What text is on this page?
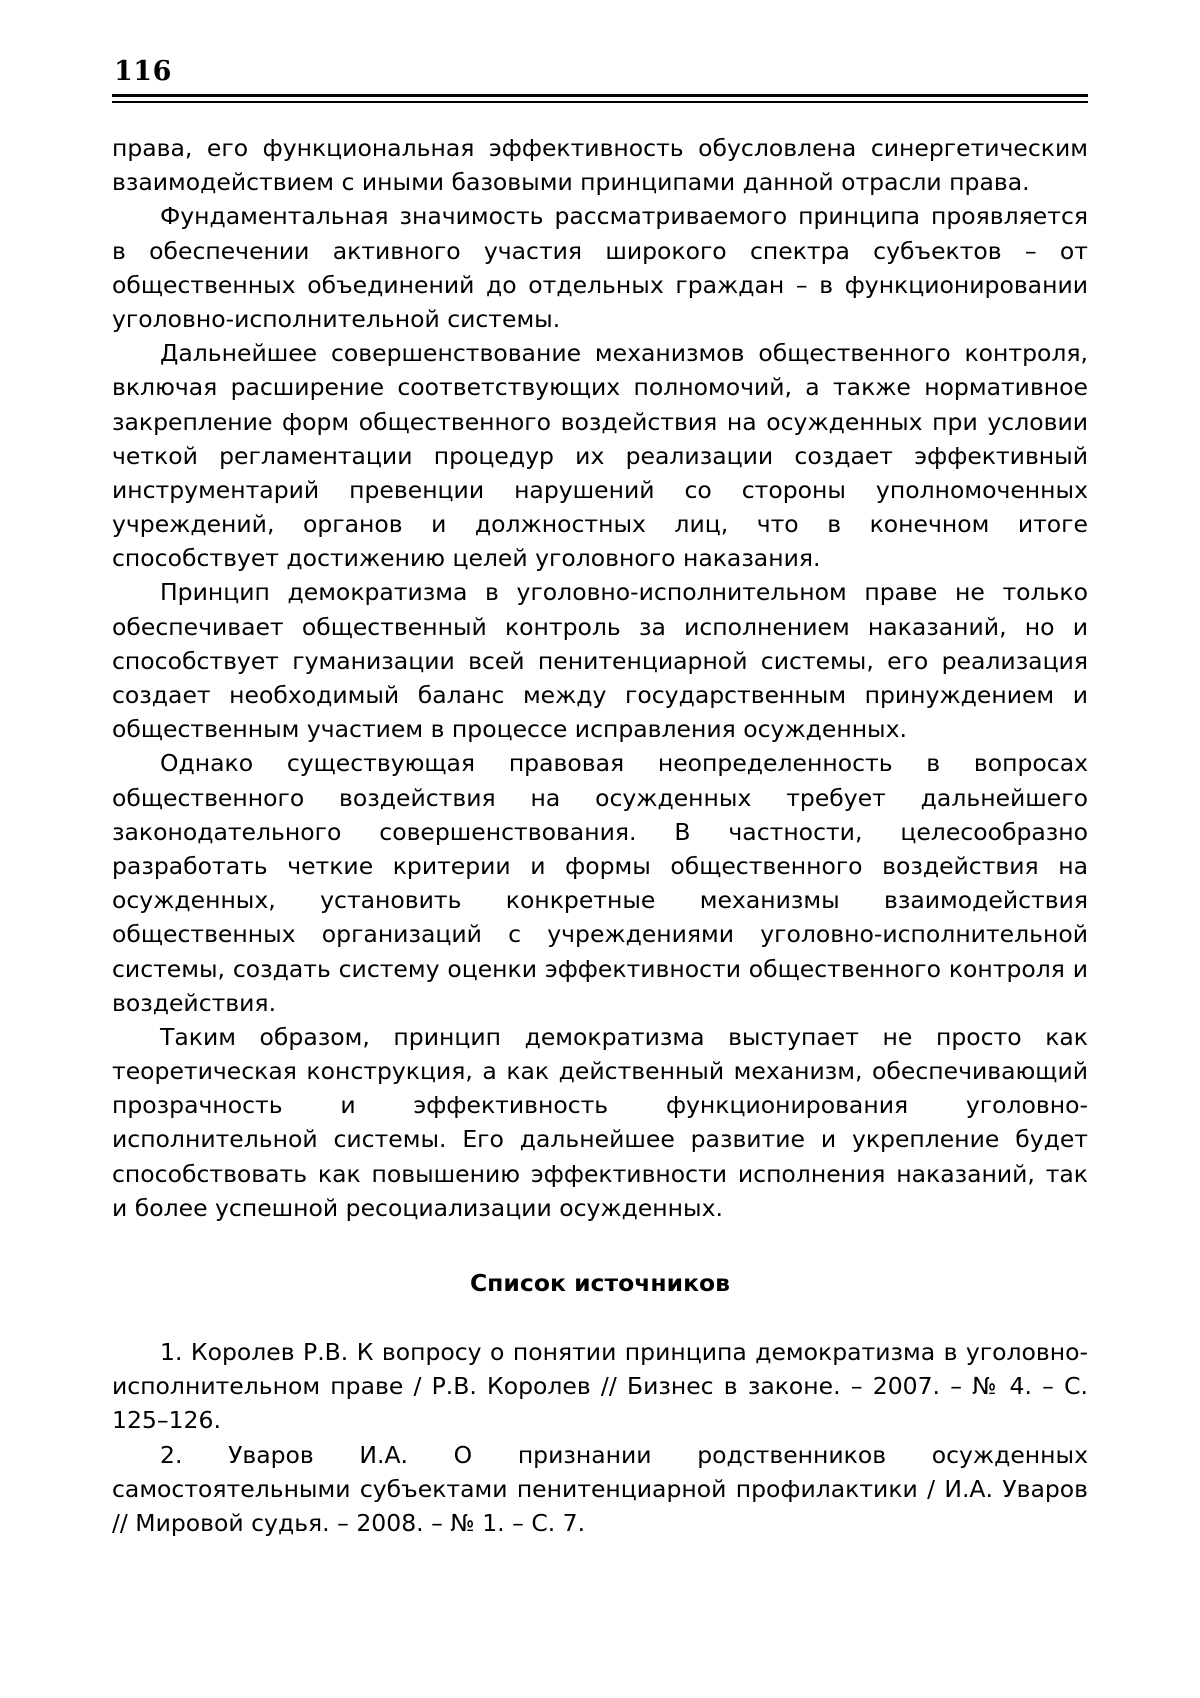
116

права, его функциональная эффективность обусловлена синергетическим взаимодействием с иными базовыми принципами данной отрасли права.

Фундаментальная значимость рассматриваемого принципа проявляется в обеспечении активного участия широкого спектра субъектов – от общественных объединений до отдельных граждан – в функционировании уголовно-исполнительной системы.

Дальнейшее совершенствование механизмов общественного контроля, включая расширение соответствующих полномочий, а также нормативное закрепление форм общественного воздействия на осужденных при условии четкой регламентации процедур их реализации создает эффективный инструментарий превенции нарушений со стороны уполномоченных учреждений, органов и должностных лиц, что в конечном итоге способствует достижению целей уголовного наказания.

Принцип демократизма в уголовно-исполнительном праве не только обеспечивает общественный контроль за исполнением наказаний, но и способствует гуманизации всей пенитенциарной системы, его реализация создает необходимый баланс между государственным принуждением и общественным участием в процессе исправления осужденных.

Однако существующая правовая неопределенность в вопросах общественного воздействия на осужденных требует дальнейшего законодательного совершенствования. В частности, целесообразно разработать четкие критерии и формы общественного воздействия на осужденных, установить конкретные механизмы взаимодействия общественных организаций с учреждениями уголовно-исполнительной системы, создать систему оценки эффективности общественного контроля и воздействия.

Таким образом, принцип демократизма выступает не просто как теоретическая конструкция, а как действенный механизм, обеспечивающий прозрачность и эффективность функционирования уголовно-исполнительной системы. Его дальнейшее развитие и укрепление будет способствовать как повышению эффективности исполнения наказаний, так и более успешной ресоциализации осужденных.

Список источников

1. Королев Р.В. К вопросу о понятии принципа демократизма в уголовно-исполнительном праве / Р.В. Королев // Бизнес в законе. – 2007. – № 4. – С. 125–126.

2. Уваров И.А. О признании родственников осужденных самостоятельными субъектами пенитенциарной профилактики / И.А. Уваров // Мировой судья. – 2008. – № 1. – С. 7.
